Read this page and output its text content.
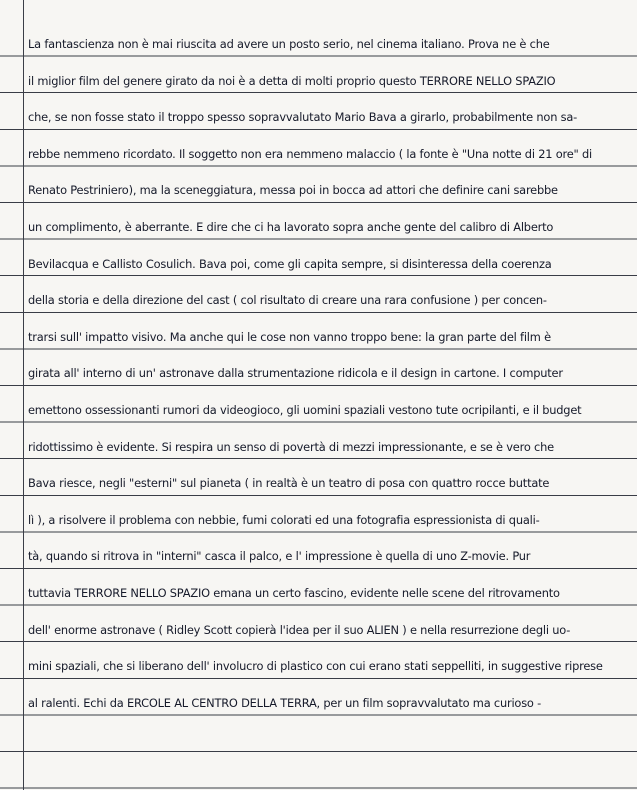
La fantascienza non è mai riuscita ad avere un posto serio, nel cinema italiano. Prova ne è che
il miglior film del genere girato da noi è a detta di molti proprio questo TERRORE NELLO SPAZIO
che, se non fosse stato il troppo spesso sopravvalutato Mario Bava a girarlo, probabilmente non sa-
rebbe nemmeno ricordato. Il soggetto non era nemmeno malaccio ( la fonte è "Una notte di 21 ore" di
Renato Pestriniero), ma la sceneggiatura, messa poi in bocca ad attori che definire cani sarebbe
un complimento, è aberrante. E dire che ci ha lavorato sopra anche gente del calibro di Alberto
Bevilacqua e Callisto Cosulich. Bava poi, come gli capita sempre, si disinteressa della coerenza
della storia e della direzione del cast ( col risultato di creare una rara confusione ) per concen-
trarsi sull' impatto visivo. Ma anche qui le cose non vanno troppo bene: la gran parte del film è
girata all' interno di un' astronave dalla strumentazione ridicola e il design in cartone. I computer
emettono ossessionanti rumori da videogioco, gli uomini spaziali vestono tute ocripilanti, e il budget
ridottissimo è evidente. Si respira un senso di povertà di mezzi impressionante, e se è vero che
Bava riesce, negli "esterni" sul pianeta ( in realtà è un teatro di posa con quattro rocce buttate
lì ), a risolvere il problema con nebbie, fumi colorati ed una fotografia espressionista di quali-
tà, quando si ritrova in "interni" casca il palco, e l' impressione è quella di uno Z-movie. Pur
tuttavia TERRORE NELLO SPAZIO emana un certo fascino, evidente nelle scene del ritrovamento
dell' enorme astronave ( Ridley Scott copierà l'idea per il suo ALIEN ) e nella resurrezione degli uo-
mini spaziali, che si liberano dell' involucro di plastico con cui erano stati seppelliti, in suggestive riprese
al ralenti. Echi da ERCOLE AL CENTRO DELLA TERRA, per un film sopravvalutato ma curioso -
